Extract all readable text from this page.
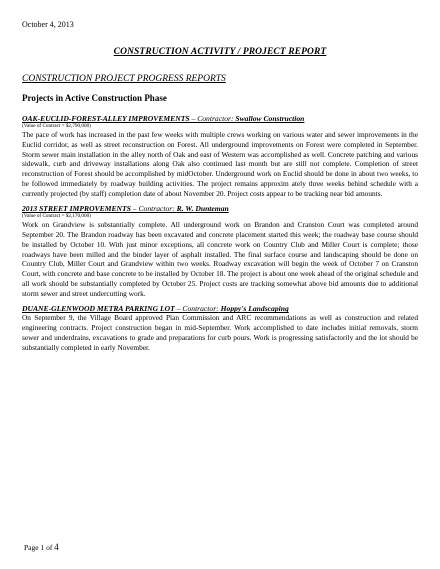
October 4, 2013
CONSTRUCTION ACTIVITY / PROJECT REPORT
CONSTRUCTION PROJECT PROGRESS REPORTS
Projects in Active Construction Phase
OAK-EUCLID-FOREST-ALLEY IMPROVEMENTS – Contractor: Swallow Construction
(Value of Contract = $2,790,000)
The pace of work has increased in the past few weeks with multiple crews working on various water and sewer improvements in the Euclid corridor, as well as street reconstruction on Forest. All underground improvements on Forest were completed in September. Storm sewer main installation in the alley north of Oak and east of Western was accomplished as well. Concrete patching and various sidewalk, curb and driveway installations along Oak also continued last month but are still not complete. Completion of street reconstruction of Forest should be accomplished by midOctober. Underground work on Euclid should be done in about two weeks, to be followed immediately by roadway building activities. The project remains approxim ately three weeks behind schedule with a currently projected (by staff) completion date of about November 20. Project costs appear to be tracking near bid amounts.
2013 STREET IMPROVEMENTS – Contractor: R. W. Dunteman
(Value of Contract = $2,170,000)
Work on Grandview is substantially complete. All underground work on Brandon and Cranston Court was completed around September 20. The Brandon roadway has been excavated and concrete placement started this week; the roadway base course should be installed by October 10. With just minor exceptions, all concrete work on Country Club and Miller Court is complete; those roadways have been milled and the binder layer of asphalt installed. The final surface course and landscaping should be done on Country Club, Miller Court and Grandview within two weeks. Roadway excavation will begin the week of October 7 on Cranston Court, with concrete and base concrete to be installed by October 18. The project is about one week ahead of the original schedule and all work should be substantially completed by October 25. Project costs are tracking somewhat above bid amounts due to additional storm sewer and street undercutting work.
DUANE-GLENWOOD METRA PARKING LOT – Contractor: Hoppy's Landscaping
On September 9, the Village Board approved Plan Commission and ARC recommendations as well as construction and related engineering contracts. Project construction began in mid-September. Work accomplished to date includes initial removals, storm sewer and underdrains, excavations to grade and preparations for curb pours. Work is progressing satisfactorily and the lot should be substantially completed in early November.
Page 1 of 4
